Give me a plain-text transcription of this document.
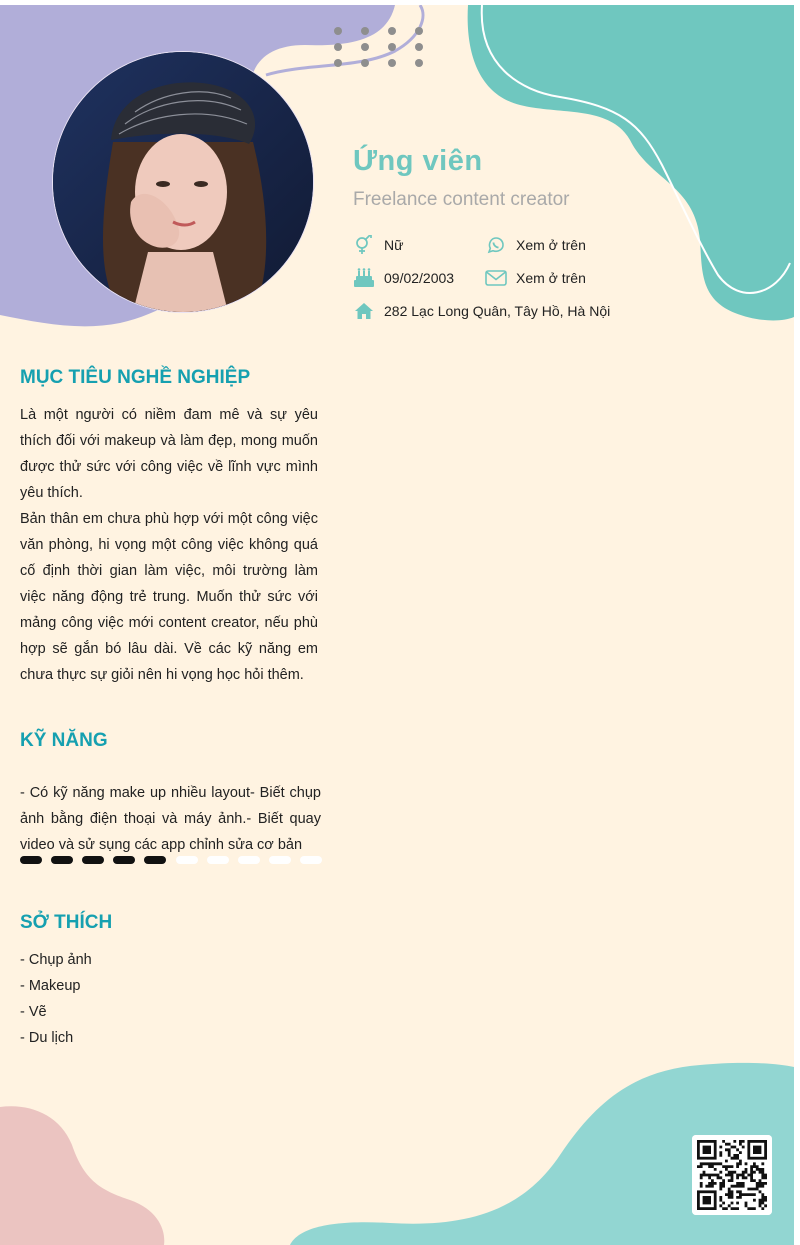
Ứng viên
Freelance content creator
Nữ	Xem ở trên
09/02/2003	Xem ở trên
282 Lạc Long Quân, Tây Hồ, Hà Nội
MỤC TIÊU NGHỀ NGHIỆP

Là một người có niềm đam mê và sự yêu thích đối với makeup và làm đẹp, mong muốn được thử sức với công việc về lĩnh vực mình yêu thích.

Bản thân em chưa phù hợp với một công việc văn phòng, hi vọng một công việc không quá cố định thời gian làm việc, môi trường làm việc năng động trẻ trung. Muốn thử sức với mảng công việc mới content creator, nếu phù hợp sẽ gắn bó lâu dài. Về các kỹ năng em chưa thực sự giỏi nên hi vọng học hỏi thêm.

KỸ NĂNG

- Có kỹ năng make up nhiều layout- Biết chụp ảnh bằng điện thoại và máy ảnh.- Biết quay video và sử sụng các app chỉnh sửa cơ bản

SỞ THÍCH
- Chụp ảnh
- Makeup
- Vẽ
- Du lịch
